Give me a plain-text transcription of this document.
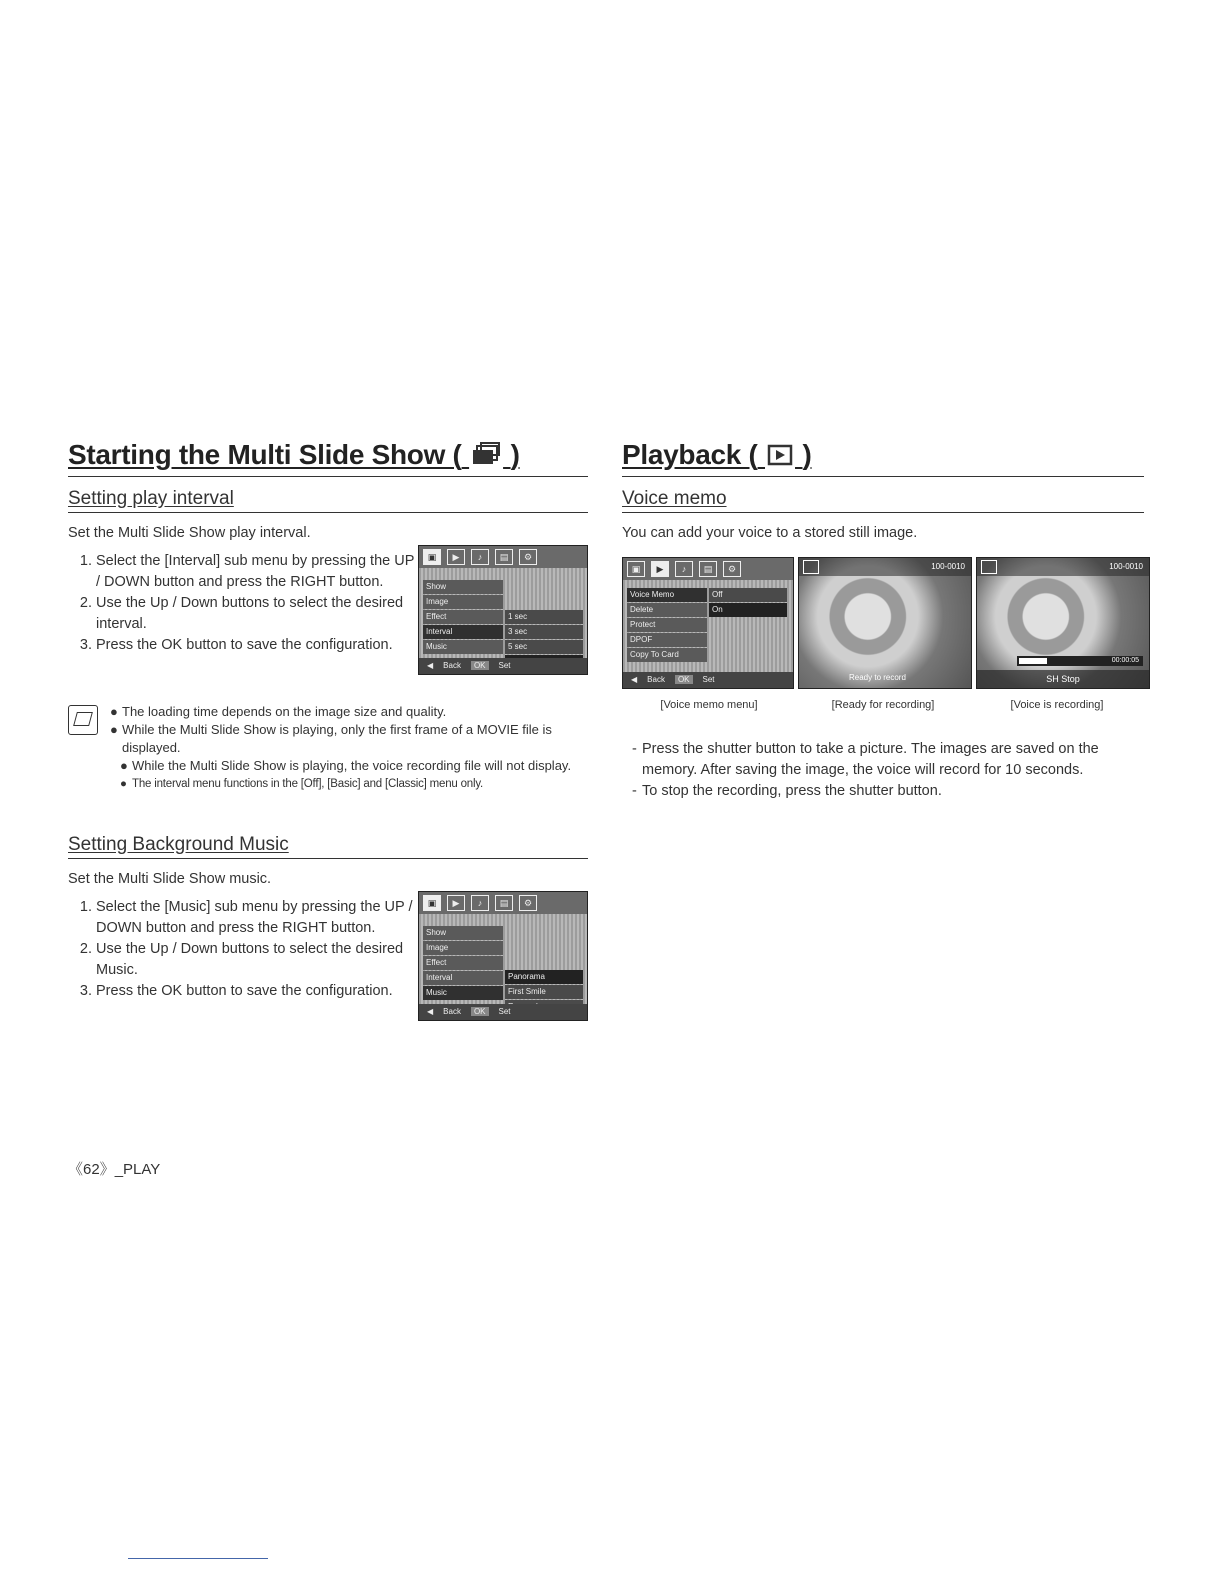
Starting the Multi Slide Show ( )
Setting play interval
Set the Multi Slide Show play interval.
1. Select the [Interval] sub menu by pressing the UP / DOWN button and press the RIGHT button.
2. Use the Up / Down buttons to select the desired interval.
3. Press the OK button to save the configuration.
▣	▶	♪	▤	⚙
Show
Image
Effect
Interval
Music
1 sec
3 sec
5 sec
◀ Back	OK	Set
● The loading time depends on the image size and quality.
● While the Multi Slide Show is playing, only the first frame of a MOVIE file is displayed.
● While the Multi Slide Show is playing, the voice recording file will not display.
● The interval menu functions in the [Off], [Basic] and [Classic] menu only.
Setting Background Music
Set the Multi Slide Show music.
1. Select the [Music] sub menu by pressing the UP / DOWN button and press the RIGHT button.
2. Use the Up / Down buttons to select the desired Music.
3. Press the OK button to save the configuration.
▣	▶	♪	▤	⚙
Show
Image
Effect
Interval
Music
Panorama
First Smile
◀ Back	OK	Set
Playback ( )
Voice memo
You can add your voice to a stored still image.
▣	▶	♪	▤	⚙
Voice Memo
Delete
Protect
DPOF
Copy To Card
Off
On
◀ Back	OK	Set
100-0010
Ready to record
100-0010
00:00:05
SH Stop
[Voice memo menu]	[Ready for recording]	[Voice is recording]
- Press the shutter button to take a picture. The images are saved on the memory. After saving the image, the voice will record for 10 seconds.
- To stop the recording, press the shutter button.
《62》_PLAY
